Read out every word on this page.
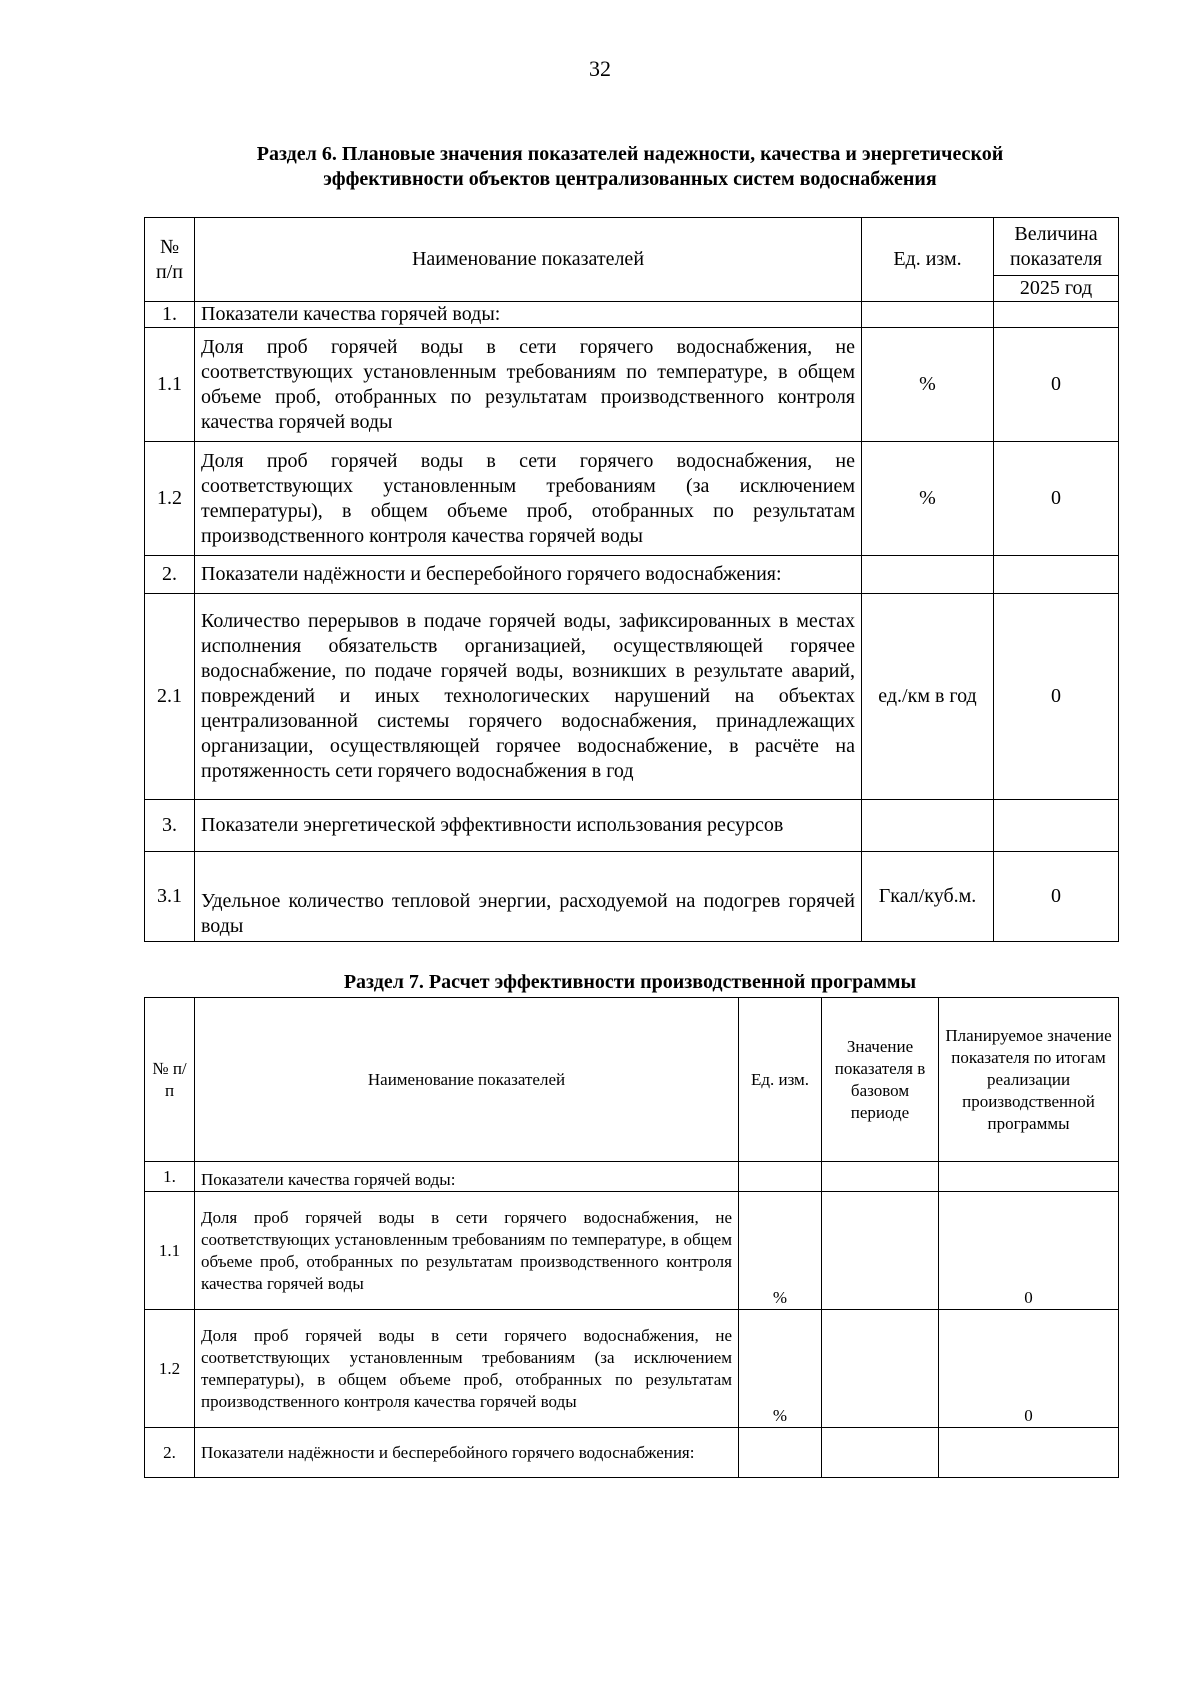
32
Раздел 6. Плановые значения показателей надежности, качества и энергетической
эффективности объектов централизованных систем водоснабжения
№ п/п	Наименование показателей	Ед. изм.	Величина показателя
			2025 год
1.	Показатели качества горячей воды:		
1.1	Доля проб горячей воды в сети горячего водоснабжения, не соответствующих установленным требованиям по температуре, в общем объеме проб, отобранных по результатам производственного контроля качества горячей воды	%	0
1.2	Доля проб горячей воды в сети горячего водоснабжения, не соответствующих установленным требованиям (за исключением температуры), в общем объеме проб, отобранных по результатам производственного контроля качества горячей воды	%	0
2.	Показатели надёжности и бесперебойного горячего водоснабжения:		
2.1	Количество перерывов в подаче горячей воды, зафиксированных в местах исполнения обязательств организацией, осуществляющей горячее водоснабжение, по подаче горячей воды, возникших в результате аварий, повреждений и иных технологических нарушений на объектах централизованной системы горячего водоснабжения, принадлежащих организации, осуществляющей горячее водоснабжение, в расчёте на протяженность сети горячего водоснабжения в год	ед./км в год	0
3.	Показатели энергетической эффективности использования ресурсов		
3.1	Удельное количество тепловой энергии, расходуемой на подогрев горячей воды	Гкал/куб.м.	0
Раздел 7. Расчет эффективности производственной программы
№ п/п	Наименование показателей	Ед. изм.	Значение показателя в базовом периоде	Планируемое значение показателя по итогам реализации производственной программы
1.	Показатели качества горячей воды:			
1.1	Доля проб горячей воды в сети горячего водоснабжения, не соответствующих установленным требованиям по температуре, в общем объеме проб, отобранных по результатам производственного контроля качества горячей воды	%		0
1.2	Доля проб горячей воды в сети горячего водоснабжения, не соответствующих установленным требованиям (за исключением температуры), в общем объеме проб, отобранных по результатам производственного контроля качества горячей воды	%		0
2.	Показатели надёжности и бесперебойного горячего водоснабжения:			
